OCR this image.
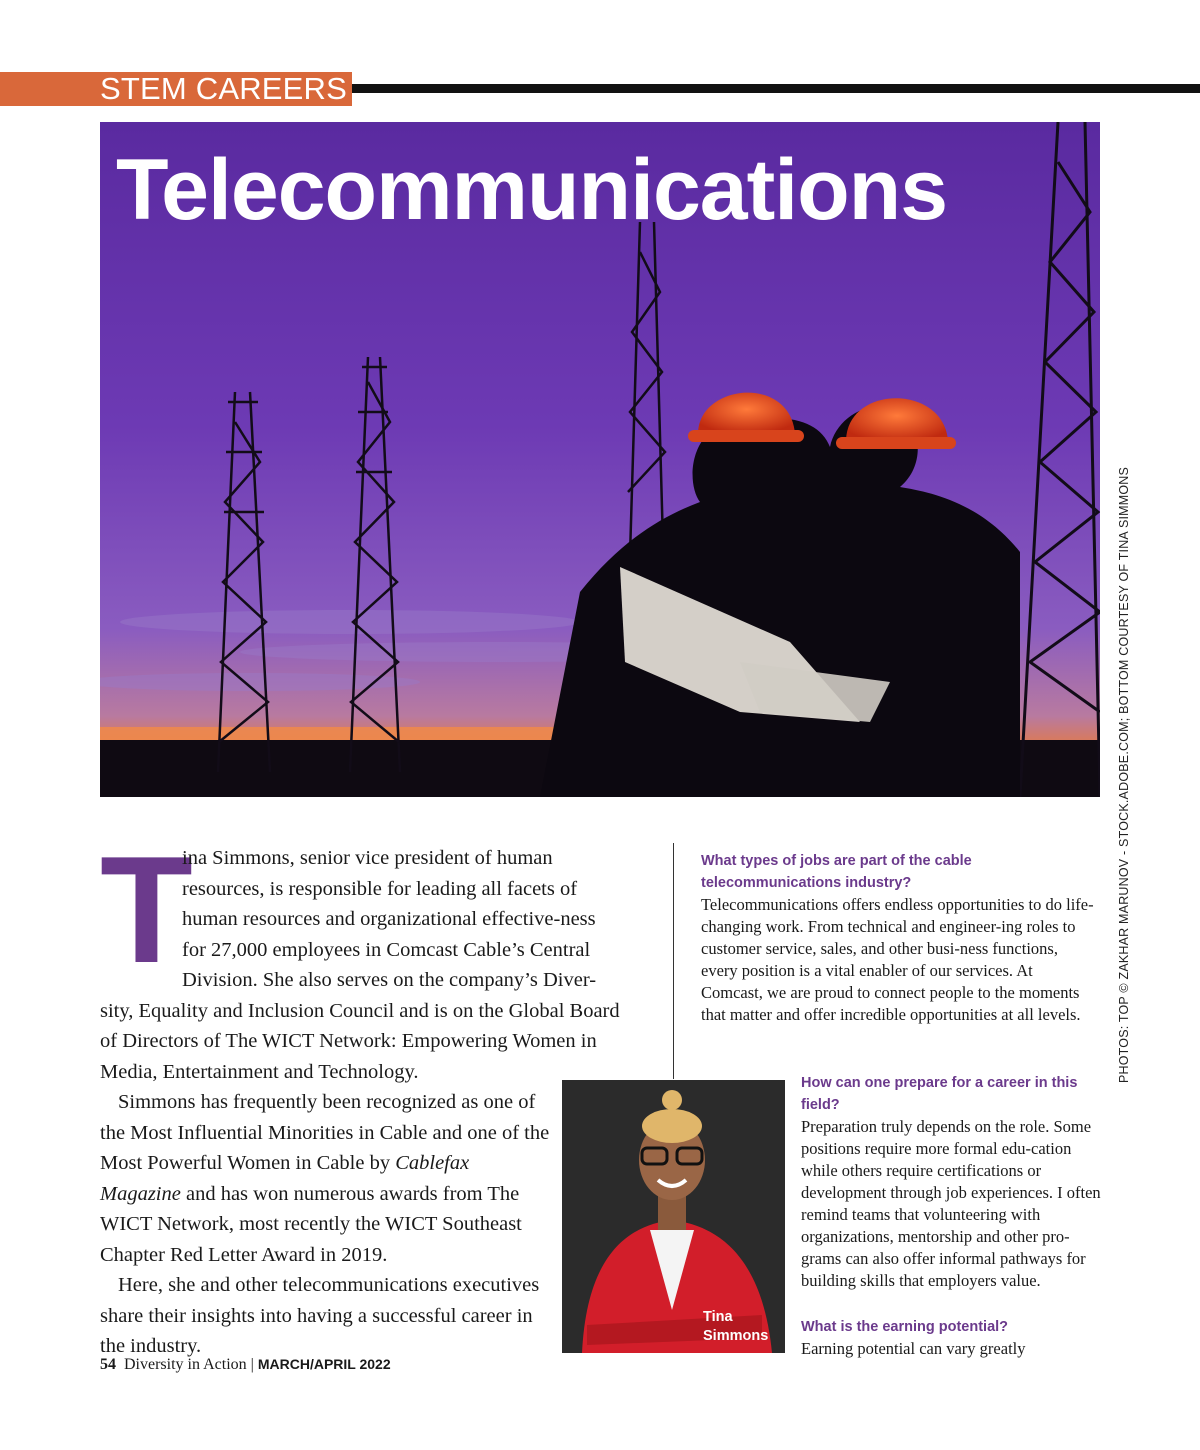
STEM CAREERS
Telecommunications
PHOTOS: TOP © ZAKHAR MARUNOV - STOCK.ADOBE.COM; BOTTOM COURTESY OF TINA SIMMONS

T
ina Simmons, senior vice president of human resources, is responsible for leading all facets of human resources and organizational effective-ness for 27,000 employees in Comcast Cable’s Central Division. She also serves on the company’s Diver-sity, Equality and Inclusion Council and is on the Global Board of Directors of The WICT Network: Empowering Women in Media, Entertainment and Technology.

Simmons has frequently been recognized as one of the Most Influential Minorities in Cable and one of the Most Powerful Women in Cable by Cablefax Magazine and has won numerous awards from The WICT Network, most recently the WICT Southeast Chapter Red Letter Award in 2019.

Here, she and other telecommunications executives share their insights into having a successful career in the industry.

What types of jobs are part of the cable telecommunications industry?

Telecommunications offers endless opportunities to do life-changing work. From technical and engineer-ing roles to customer service, sales, and other busi-ness functions, every position is a vital enabler of our services. At Comcast, we are proud to connect people to the moments that matter and offer incredible opportunities at all levels.

Tina
Simmons

How can one prepare for a career in this field?

Preparation truly depends on the role. Some positions require more formal edu-cation while others require certifications or development through job experiences. I often remind teams that volunteering with organizations, mentorship and other pro-grams can also offer informal pathways for building skills that employers value.

What is the earning potential?

Earning potential can vary greatly

54 Diversity in Action | MARCH/APRIL 2022
